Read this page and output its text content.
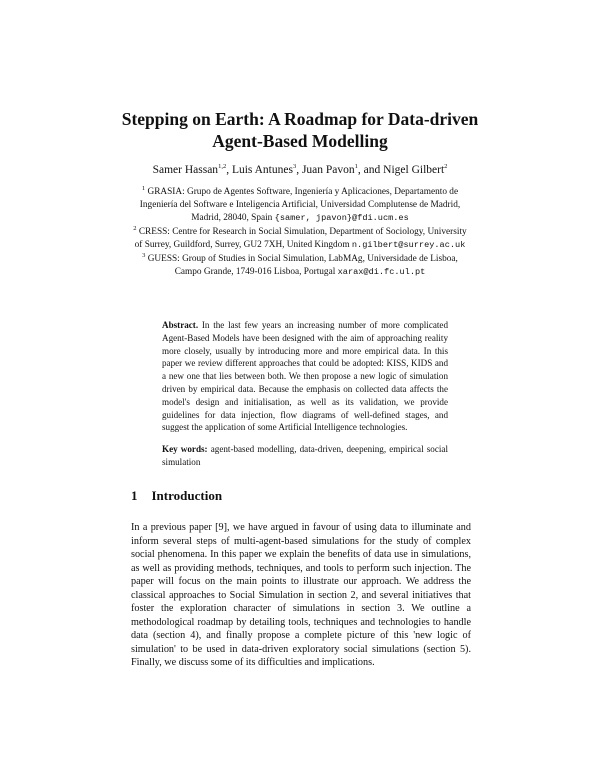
Stepping on Earth: A Roadmap for Data-driven
Agent-Based Modelling
Samer Hassan$^{1,2}$, Luis Antunes$^3$, Juan Pavon$^1$, and Nigel Gilbert$^2$
$^1$ GRASIA: Grupo de Agentes Software, Ingeniería y Aplicaciones, Departamento de Ingeniería del Software e Inteligencia Artificial, Universidad Complutense de Madrid, Madrid, 28040, Spain {samer, jpavon}@fdi.ucm.es
$^2$ CRESS: Centre for Research in Social Simulation, Department of Sociology, University of Surrey, Guildford, Surrey, GU2 7XH, United Kingdom n.gilbert@surrey.ac.uk
$^3$ GUESS: Group of Studies in Social Simulation, LabMAg, Universidade de Lisboa, Campo Grande, 1749-016 Lisboa, Portugal xarax@di.fc.ul.pt
Abstract. In the last few years an increasing number of more complicated Agent-Based Models have been designed with the aim of approaching reality more closely, usually by introducing more and more empirical data. In this paper we review different approaches that could be adopted: KISS, KIDS and a new one that lies between both. We then propose a new logic of simulation driven by empirical data. Because the emphasis on collected data affects the model's design and initialisation, as well as its validation, we provide guidelines for data injection, flow diagrams of well-defined stages, and suggest the application of some Artificial Intelligence technologies.
Key words: agent-based modelling, data-driven, deepening, empirical social simulation
1 Introduction
In a previous paper [9], we have argued in favour of using data to illuminate and inform several steps of multi-agent-based simulations for the study of complex social phenomena. In this paper we explain the benefits of data use in simulations, as well as providing methods, techniques, and tools to perform such injection. The paper will focus on the main points to illustrate our approach. We address the classical approaches to Social Simulation in section 2, and several initiatives that foster the exploration character of simulations in section 3. We outline a methodological roadmap by detailing tools, techniques and technologies to handle data (section 4), and finally propose a complete picture of this 'new logic of simulation' to be used in data-driven exploratory social simulations (section 5). Finally, we discuss some of its difficulties and implications.
